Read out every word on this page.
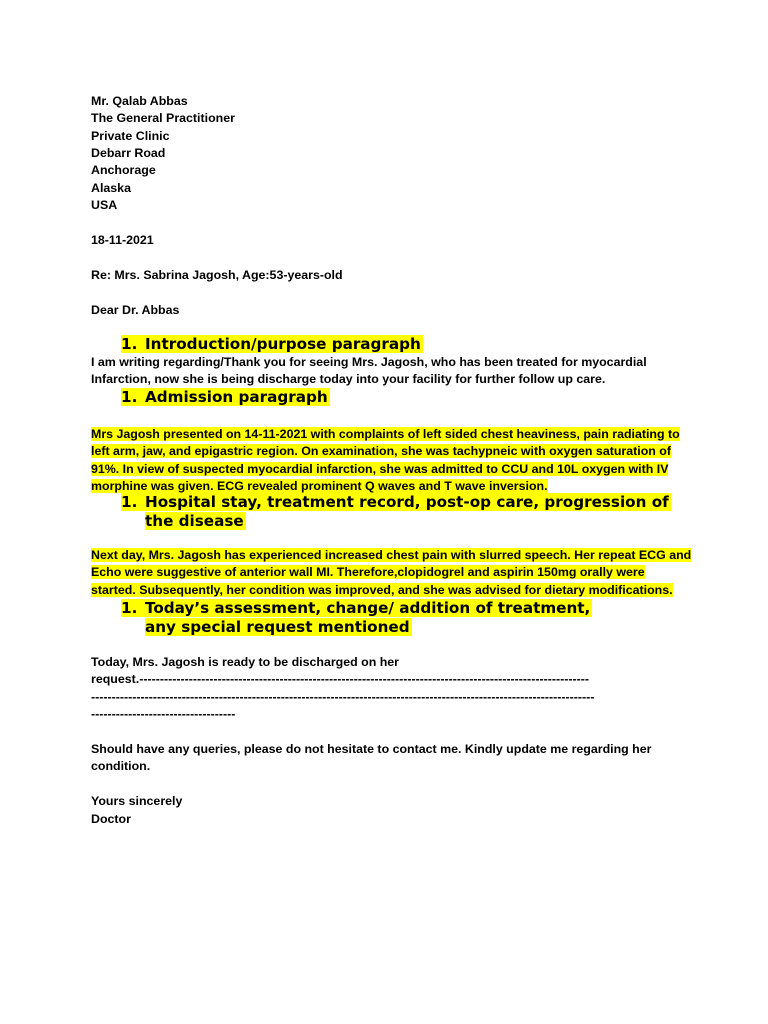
Mr. Qalab Abbas
The General Practitioner
Private Clinic
Debarr Road
Anchorage
Alaska
USA
18-11-2021
Re: Mrs. Sabrina Jagosh, Age:53-years-old
Dear Dr. Abbas
1. Introduction/purpose paragraph
I am writing regarding/Thank you for seeing Mrs. Jagosh, who has been treated for myocardial
Infarction, now she is being discharge today into your facility for further follow up care.
1. Admission paragraph
Mrs Jagosh presented on 14-11-2021 with complaints of left sided chest heaviness, pain radiating to
left arm, jaw, and epigastric region. On examination, she was tachypneic with oxygen saturation of
91%. In view of suspected myocardial infarction, she was admitted to CCU and 10L oxygen with IV
morphine was given. ECG revealed prominent Q waves and T wave inversion.
1. Hospital stay, treatment record, post-op care, progression of
the disease
Next day, Mrs. Jagosh has experienced increased chest pain with slurred speech. Her repeat ECG and
Echo were suggestive of anterior wall MI. Therefore,clopidogrel and aspirin 150mg orally were
started. Subsequently, her condition was improved, and she was advised for dietary modifications.
1. Today’s assessment, change/ addition of treatment,
any special request mentioned
Today, Mrs. Jagosh is ready to be discharged on her
request.-------------------------------------------------------------------------------------------------------------
--------------------------------------------------------------------------------------------------------------------------
-----------------------------------
Should have any queries, please do not hesitate to contact me. Kindly update me regarding her
condition.
Yours sincerely
Doctor
